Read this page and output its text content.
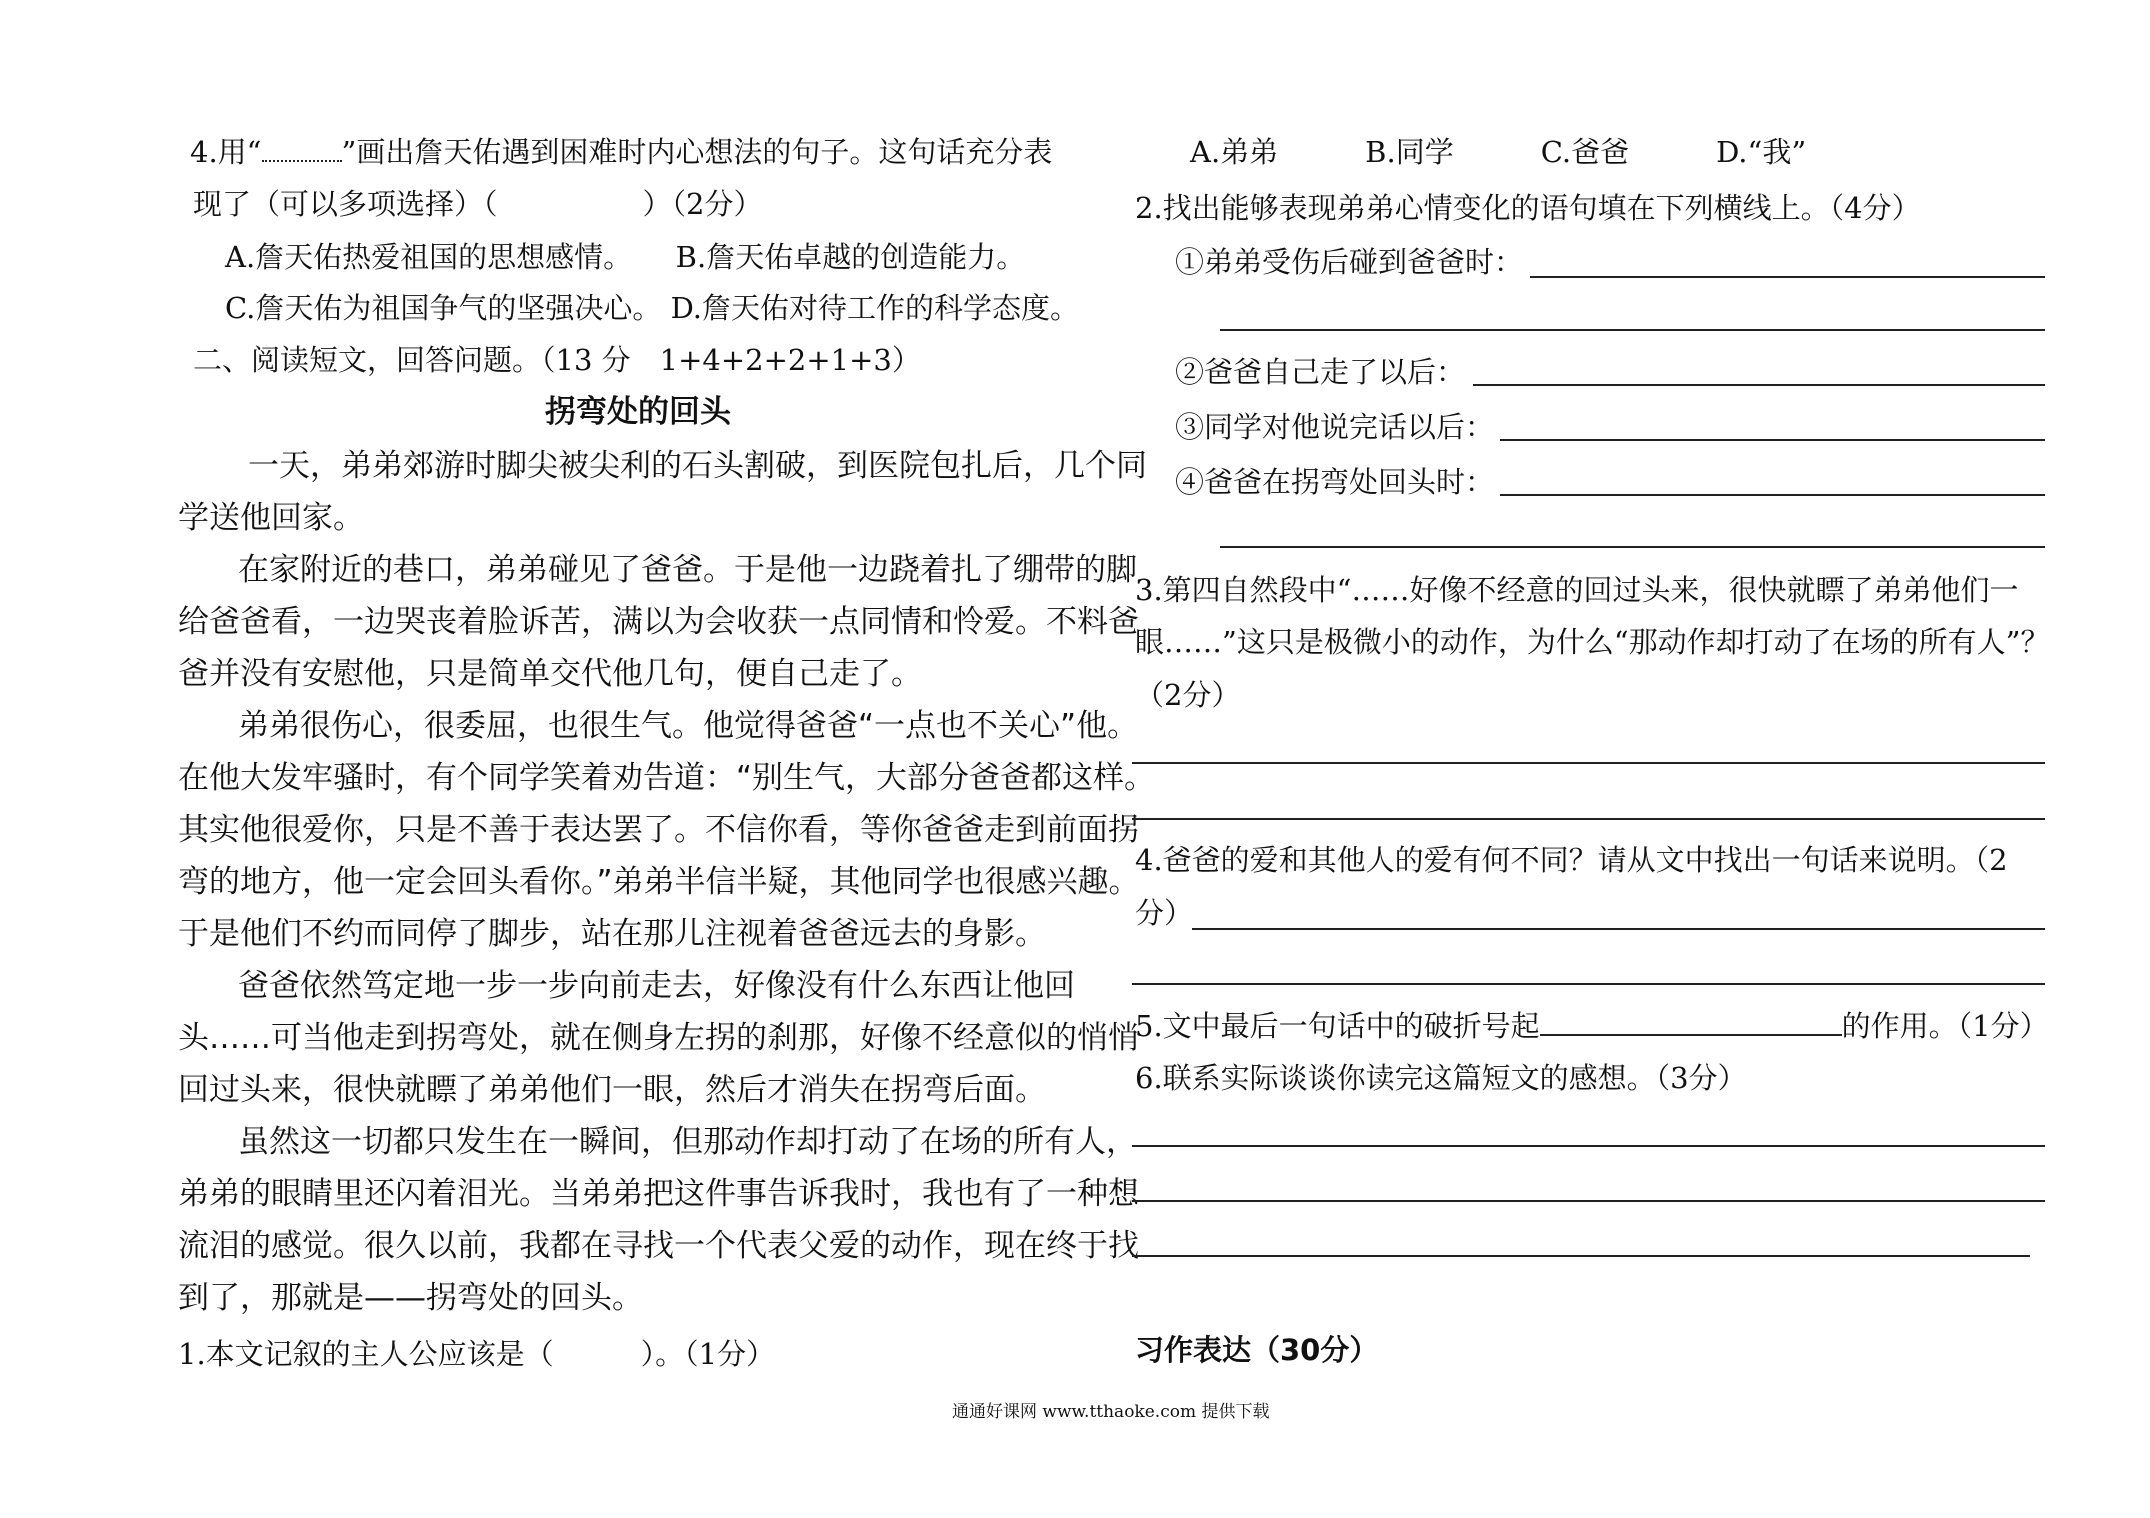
4.用“	”画出詹天佑遇到困难时内心想法的句子。这句话充分表
现了（可以多项选择）（　　　　　）（2分）
A.詹天佑热爱祖国的思想感情。　　B.詹天佑卓越的创造能力。
C.詹天佑为祖国争气的坚强决心。 D.詹天佑对待工作的科学态度。
二、阅读短文，回答问题。（13 分　1+4+2+2+1+3）
拐弯处的回头
一天，弟弟郊游时脚尖被尖利的石头割破，到医院包扎后，几个同
学送他回家。
在家附近的巷口，弟弟碰见了爸爸。于是他一边跷着扎了绷带的脚
给爸爸看，一边哭丧着脸诉苦，满以为会收获一点同情和怜爱。不料爸
爸并没有安慰他，只是简单交代他几句，便自己走了。
弟弟很伤心，很委屈，也很生气。他觉得爸爸“一点也不关心”他。
在他大发牢骚时，有个同学笑着劝告道：“别生气，大部分爸爸都这样。
其实他很爱你，只是不善于表达罢了。不信你看，等你爸爸走到前面拐
弯的地方，他一定会回头看你。”弟弟半信半疑，其他同学也很感兴趣。
于是他们不约而同停了脚步，站在那儿注视着爸爸远去的身影。
爸爸依然笃定地一步一步向前走去，好像没有什么东西让他回
头……可当他走到拐弯处，就在侧身左拐的刹那，好像不经意似的悄悄
回过头来，很快就瞟了弟弟他们一眼，然后才消失在拐弯后面。
虽然这一切都只发生在一瞬间，但那动作却打动了在场的所有人，
弟弟的眼睛里还闪着泪光。当弟弟把这件事告诉我时，我也有了一种想
流泪的感觉。很久以前，我都在寻找一个代表父爱的动作，现在终于找
到了，那就是——拐弯处的回头。
1.本文记叙的主人公应该是（　　　）。（1分）
A.弟弟　　　B.同学　　　C.爸爸　　　D.“我”
2.找出能够表现弟弟心情变化的语句填在下列横线上。（4分）
①弟弟受伤后碰到爸爸时：
②爸爸自己走了以后：
③同学对他说完话以后：
④爸爸在拐弯处回头时：
3.第四自然段中“……好像不经意的回过头来，很快就瞟了弟弟他们一
眼……”这只是极微小的动作，为什么“那动作却打动了在场的所有人”？
（2分）
4.爸爸的爱和其他人的爱有何不同？请从文中找出一句话来说明。（2
分）
5.文中最后一句话中的破折号起	的作用。（1分）
6.联系实际谈谈你读完这篇短文的感想。（3分）
习作表达（30分）
通通好课网 www.tthaoke.com 提供下载
